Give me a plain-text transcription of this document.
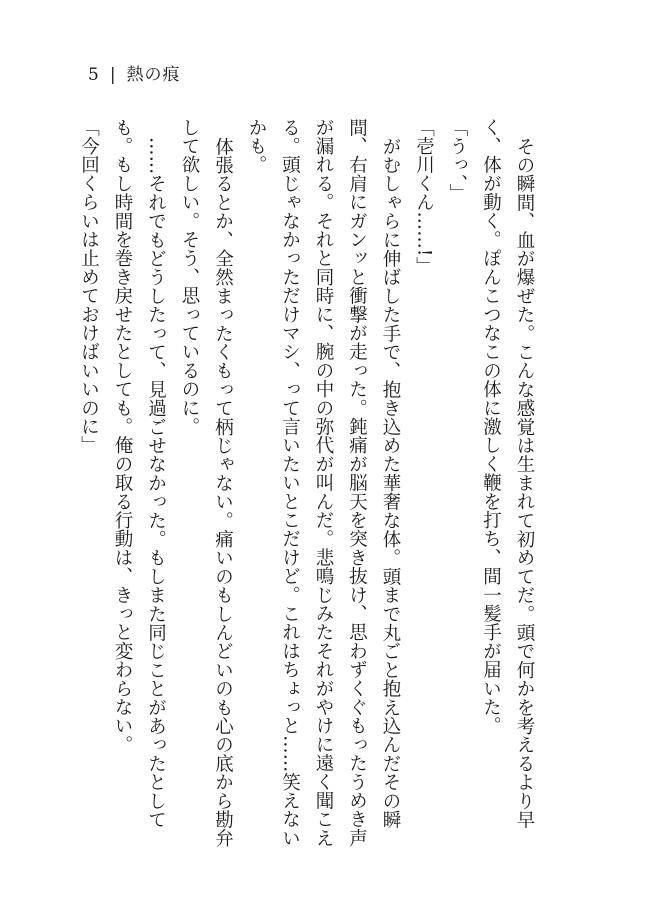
5 | 熱の痕

その瞬間、血が爆ぜた。こんな感覚は生まれて初めてだ。頭で何かを考えるより早く、体が動く。ぽんこつなこの体に激しく鞭を打ち、間一髪手が届いた。

「うっ、」

「壱川くん……!」

がむしゃらに伸ばした手で、抱き込めた華奢な体。頭まで丸ごと抱え込んだその瞬間、右肩にガンッと衝撃が走った。鈍痛が脳天を突き抜け、思わずくぐもったうめき声が漏れる。それと同時に、腕の中の弥代が叫んだ。悲鳴じみたそれがやけに遠く聞こえる。頭じゃなかっただけマシ、って言いたいとこだけど。これはちょっと……笑えないかも。

体張るとか、全然まったくもって柄じゃない。痛いのもしんどいのも心の底から勘弁して欲しい。そう、思っているのに。

……それでもどうしたって、見過ごせなかった。もしまた同じことがあったとしても。もし時間を巻き戻せたとしても。俺の取る行動は、きっと変わらない。

「今回くらいは止めておけばいいのに」
